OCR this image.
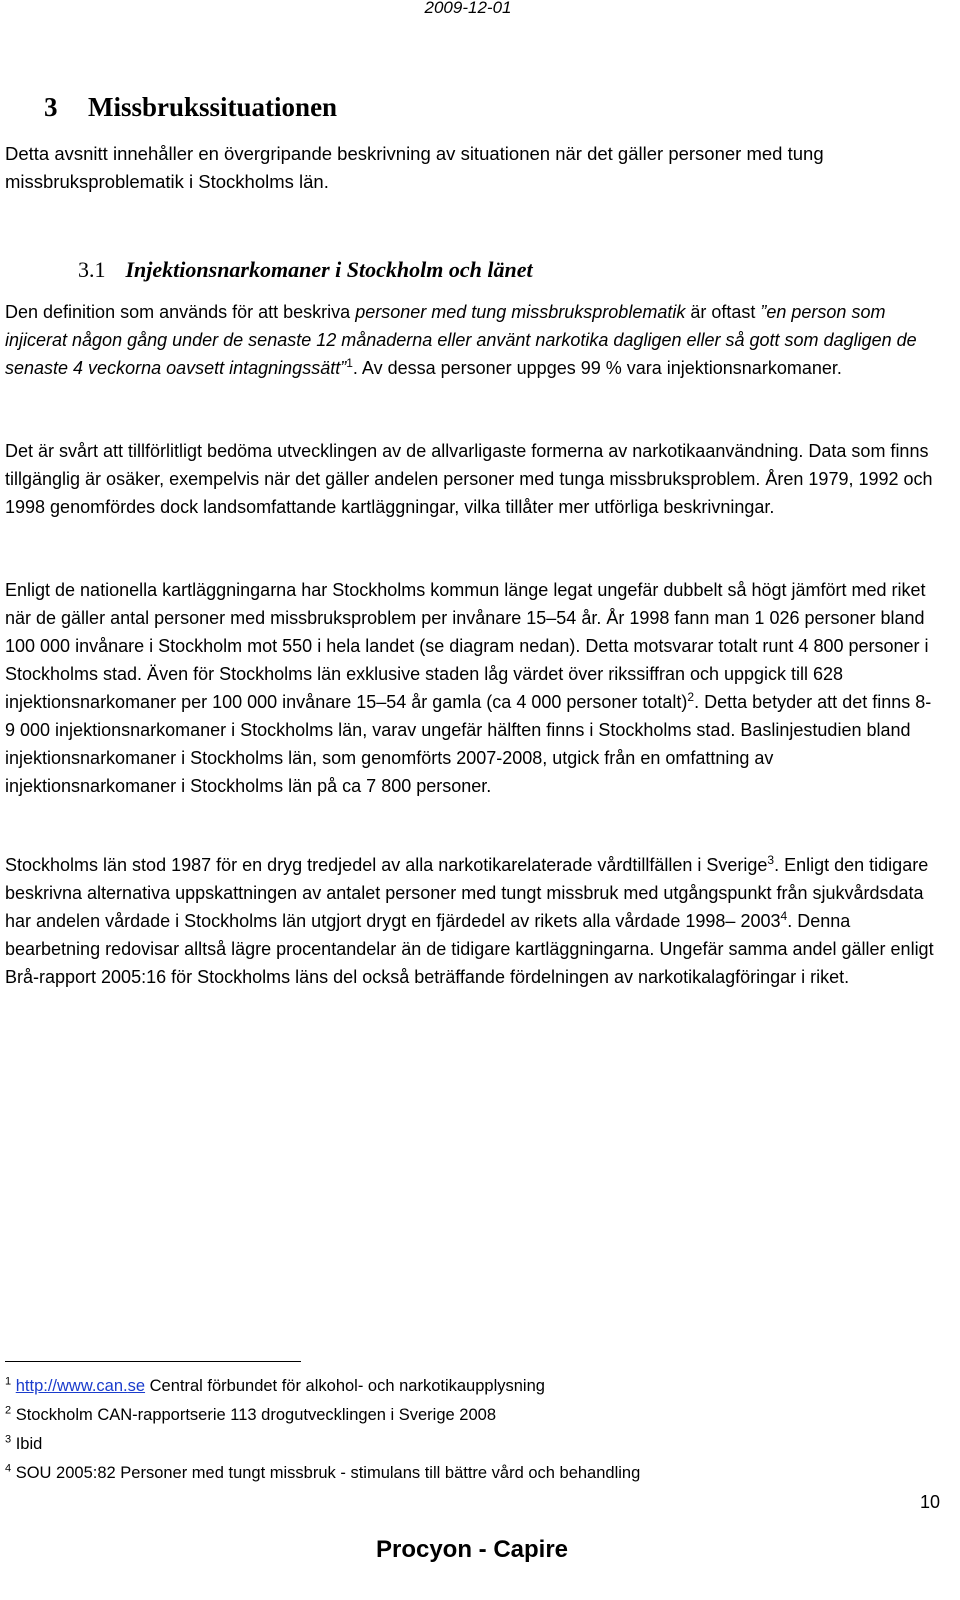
2009-12-01
3 Missbrukssituationen
Detta avsnitt innehåller en övergripande beskrivning av situationen när det gäller personer med tung missbruksproblematik i Stockholms län.
3.1 Injektionsnarkomaner i Stockholm och länet
Den definition som används för att beskriva personer med tung missbruksproblematik är oftast ”en person som injicerat någon gång under de senaste 12 månaderna eller använt narkotika dagligen eller så gott som dagligen de senaste 4 veckorna oavsett intagningssätt”$^1$. Av dessa personer uppges 99 % vara injektionsnarkomaner.
Det är svårt att tillförlitligt bedöma utvecklingen av de allvarligaste formerna av narkotikaanvändning. Data som finns tillgänglig är osäker, exempelvis när det gäller andelen personer med tunga missbruksproblem. Åren 1979, 1992 och 1998 genomfördes dock landsomfattande kartläggningar, vilka tillåter mer utförliga beskrivningar.
Enligt de nationella kartläggningarna har Stockholms kommun länge legat ungefär dubbelt så högt jämfört med riket när de gäller antal personer med missbruksproblem per invånare 15–54 år. År 1998 fann man 1 026 personer bland 100 000 invånare i Stockholm mot 550 i hela landet (se diagram nedan). Detta motsvarar totalt runt 4 800 personer i Stockholms stad. Även för Stockholms län exklusive staden låg värdet över rikssiffran och uppgick till 628 injektionsnarkomaner per 100 000 invånare 15–54 år gamla (ca 4 000 personer totalt)$^2$. Detta betyder att det finns 8- 9 000 injektionsnarkomaner i Stockholms län, varav ungefär hälften finns i Stockholms stad. Baslinjestudien bland injektionsnarkomaner i Stockholms län, som genomförts 2007-2008, utgick från en omfattning av injektionsnarkomaner i Stockholms län på ca 7 800 personer.
Stockholms län stod 1987 för en dryg tredjedel av alla narkotikarelaterade vårdtillfällen i Sverige$^3$. Enligt den tidigare beskrivna alternativa uppskattningen av antalet personer med tungt missbruk med utgångspunkt från sjukvårdsdata har andelen vårdade i Stockholms län utgjort drygt en fjärdedel av rikets alla vårdade 1998– 2003$^4$. Denna bearbetning redovisar alltså lägre procentandelar än de tidigare kartläggningarna. Ungefär samma andel gäller enligt Brå-rapport 2005:16 för Stockholms läns del också beträffande fördelningen av narkotikalagföringar i riket.
$^1$ http://www.can.se Central förbundet för alkohol- och narkotikaupplysning
$^2$ Stockholm CAN-rapportserie 113 drogutvecklingen i Sverige 2008
$^3$ Ibid
$^4$ SOU 2005:82 Personer med tungt missbruk - stimulans till bättre vård och behandling
10
Procyon - Capire
